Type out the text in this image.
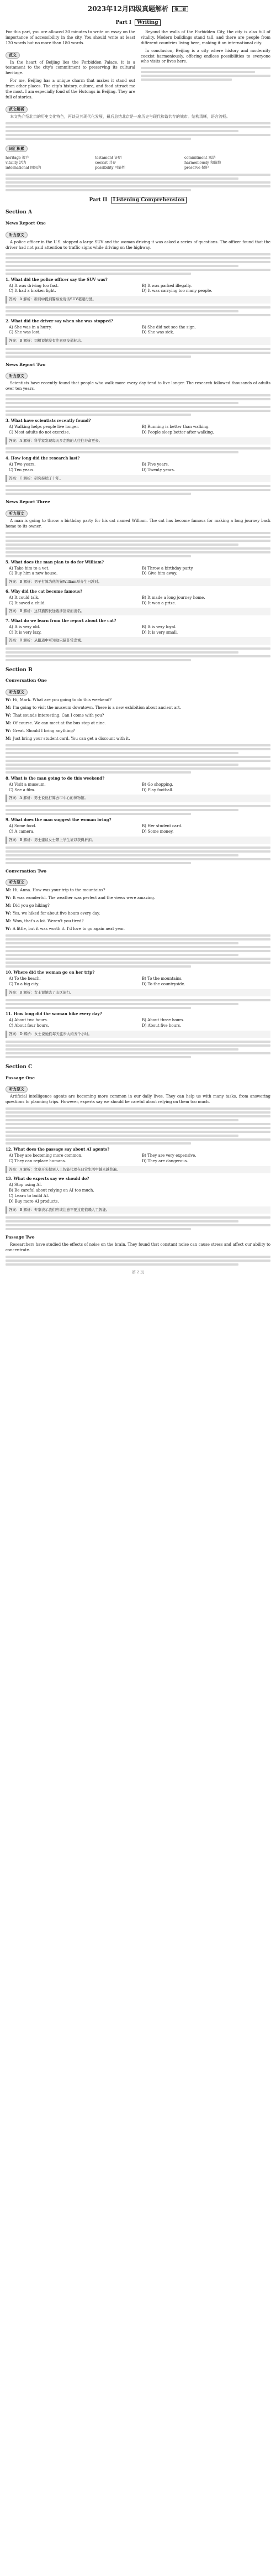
2023年12月四级真题解析 第二套
Part I Writing

For this part, you are allowed 30 minutes to write an essay on the importance of accessibility in the city. You should write at least 120 words but no more than 180 words.

范文

In the heart of Beijing lies the Forbidden Palace, it is a testament to the city's commitment to preserving its cultural heritage.

For me, Beijing has a unique charm that makes it stand out from other places. The city's history, culture, and food attract me the most. I am especially fond of the Hutongs in Beijing. They are full of stories.

Beyond the walls of the Forbidden City, the city is also full of vitality. Modern buildings stand tall, and there are people from different countries living here, making it an international city.

In conclusion, Beijing is a city where history and modernity coexist harmoniously, offering endless possibilities to everyone who visits or lives here.

范文解析

本文先介绍北京的历史文化特色，再谈及其现代化发展，最后总结北京是一座历史与现代和谐共存的城市。结构清晰，语言流畅。

词汇积累
heritage 遗产	testament 证明	commitment 承诺
vitality 活力	coexist 共存	harmoniously 和谐地
international 国际的	possibility 可能性	preserve 保护
Part II Listening Comprehension
Section A
News Report One
听力原文

A police officer in the U.S. stopped a large SUV and the woman driving it was asked a series of questions. The officer found that the driver had not paid attention to traffic signs while driving on the highway.

1. What did the police officer say the SUV was?
A) It was driving too fast.	B) It was parked illegally.
C) It had a broken light.	D) It was carrying too many people.
答案：A 解析：新闻中提到警察发现该SUV超速行驶。
2. What did the driver say when she was stopped?
A) She was in a hurry.	B) She did not see the sign.
C) She was lost.	D) She was sick.
答案：B 解析：司机说她没有注意到交通标志。
News Report Two
听力原文

Scientists have recently found that people who walk more every day tend to live longer. The research followed thousands of adults over ten years.

3. What have scientists recently found?
A) Walking helps people live longer.	B) Running is better than walking.
C) Most adults do not exercise.	D) People sleep better after walking.
答案：A 解析：科学家发现每天多走路的人往往寿命更长。
4. How long did the research last?
A) Two years.	B) Five years.
C) Ten years.	D) Twenty years.
答案：C 解析：研究持续了十年。
News Report Three
听力原文

A man is going to throw a birthday party for his cat named William. The cat has become famous for making a long journey back home to its owner.

5. What does the man plan to do for William?
A) Take him to a vet.	B) Throw a birthday party.
C) Buy him a new house.	D) Give him away.
答案：B 解析：男子打算为他的猫William举办生日派对。
6. Why did the cat become famous?
A) It could talk.	B) It made a long journey home.
C) It saved a child.	D) It won a prize.
答案：B 解析：这只猫因长途跋涉回家而出名。
7. What do we learn from the report about the cat?
A) It is very old.	B) It is very loyal.
C) It is very lazy.	D) It is very small.
答案：B 解析：从报道中可知这只猫非常忠诚。
Section B
Conversation One
听力原文

W: Hi, Mark. What are you going to do this weekend?

M: I'm going to visit the museum downtown. There is a new exhibition about ancient art.

W: That sounds interesting. Can I come with you?

M: Of course. We can meet at the bus stop at nine.

W: Great. Should I bring anything?

M: Just bring your student card. You can get a discount with it.

8. What is the man going to do this weekend?
A) Visit a museum.	B) Go shopping.
C) See a film.	D) Play football.
答案：A 解析：男士说他打算去市中心的博物馆。
9. What does the man suggest the woman bring?
A) Some food.	B) Her student card.
C) A camera.	D) Some money.
答案：B 解析：男士建议女士带上学生证以获得折扣。
Conversation Two
听力原文

M: Hi, Anna. How was your trip to the mountains?

W: It was wonderful. The weather was perfect and the views were amazing.

M: Did you go hiking?

W: Yes, we hiked for about five hours every day.

M: Wow, that's a lot. Weren't you tired?

W: A little, but it was worth it. I'd love to go again next year.

10. Where did the woman go on her trip?
A) To the beach.	B) To the mountains.
C) To a big city.	D) To the countryside.
答案：B 解析：女士说她去了山区旅行。
11. How long did the woman hike every day?
A) About two hours.	B) About three hours.
C) About four hours.	D) About five hours.
答案：D 解析：女士说她们每天徒步大约五个小时。
Section C
Passage One
听力原文

Artificial intelligence agents are becoming more common in our daily lives. They can help us with many tasks, from answering questions to planning trips. However, experts say we should be careful about relying on them too much.

12. What does the passage say about AI agents?
A) They are becoming more common.	B) They are very expensive.
C) They can replace humans.	D) They are dangerous.
答案：A 解析：文章开头提到人工智能代理在日常生活中越来越普遍。
13. What do experts say we should do?
A) Stop using AI.
B) Be careful about relying on AI too much.
C) Learn to build AI.
D) Buy more AI products.
答案：B 解析：专家表示我们应该注意不要过度依赖人工智能。
Passage Two

Researchers have studied the effects of noise on the brain. They found that constant noise can cause stress and affect our ability to concentrate.

第 2 页
